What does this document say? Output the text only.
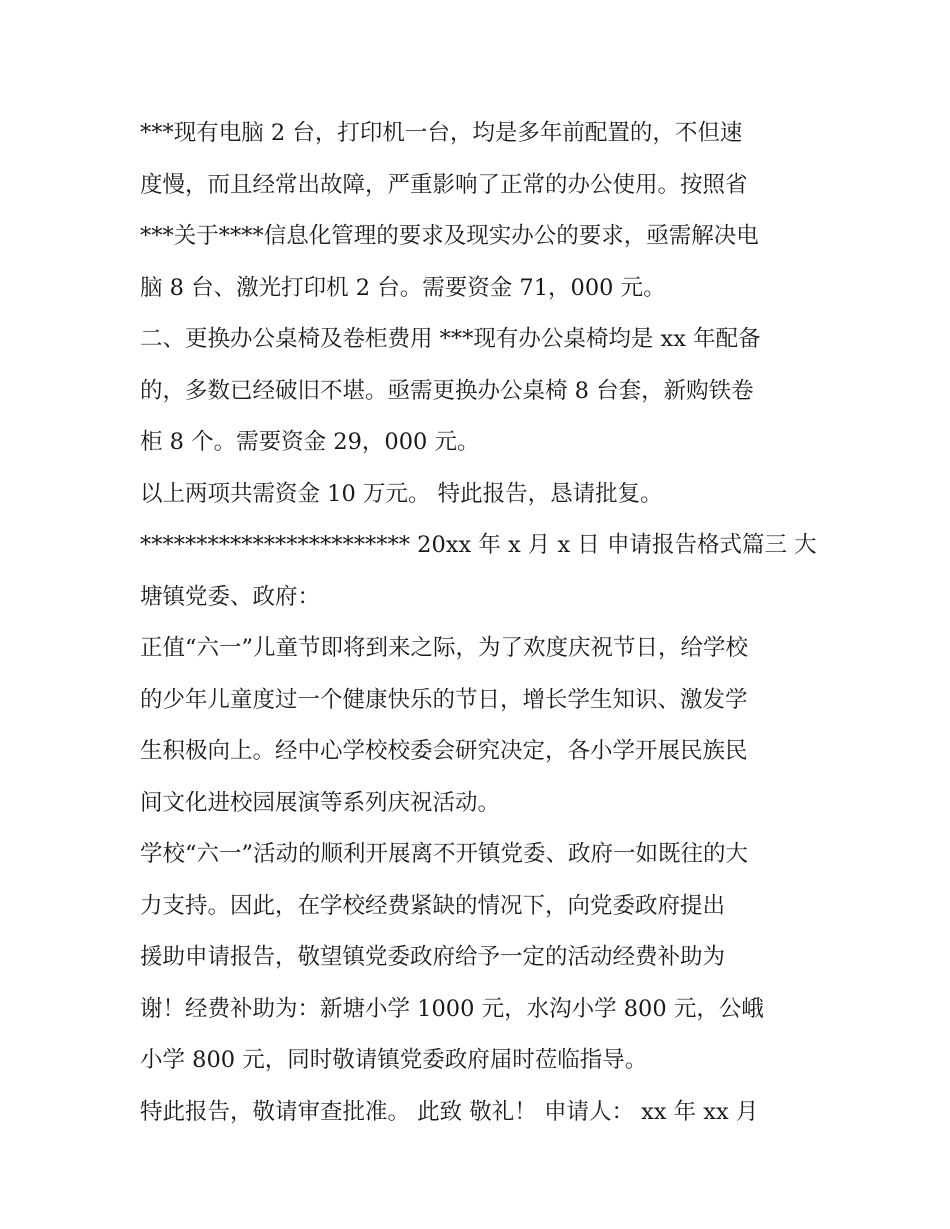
***现有电脑 2 台，打印机一台，均是多年前配置的，不但速
度慢，而且经常出故障，严重影响了正常的办公使用。按照省
***关于****信息化管理的要求及现实办公的要求，亟需解决电
脑 8 台、激光打印机 2 台。需要资金 71，000 元。

二、更换办公桌椅及卷柜费用 ***现有办公桌椅均是 xx 年配备
的，多数已经破旧不堪。亟需更换办公桌椅 8 台套，新购铁卷
柜 8 个。需要资金 29，000 元。

以上两项共需资金 10 万元。 特此报告，恳请批复。

************************ 20xx 年 x 月 x 日 申请报告格式篇三 大
塘镇党委、政府：

正值“六一”儿童节即将到来之际，为了欢度庆祝节日，给学校
的少年儿童度过一个健康快乐的节日，增长学生知识、激发学
生积极向上。经中心学校校委会研究决定，各小学开展民族民
间文化进校园展演等系列庆祝活动。

学校“六一”活动的顺利开展离不开镇党委、政府一如既往的大
力支持。因此，在学校经费紧缺的情况下，向党委政府提出
援助申请报告，敬望镇党委政府给予一定的活动经费补助为
谢！经费补助为：新塘小学 1000 元，水沟小学 800 元，公峨
小学 800 元，同时敬请镇党委政府届时莅临指导。

特此报告，敬请审查批准。 此致 敬礼！ 申请人： xx 年 xx 月
